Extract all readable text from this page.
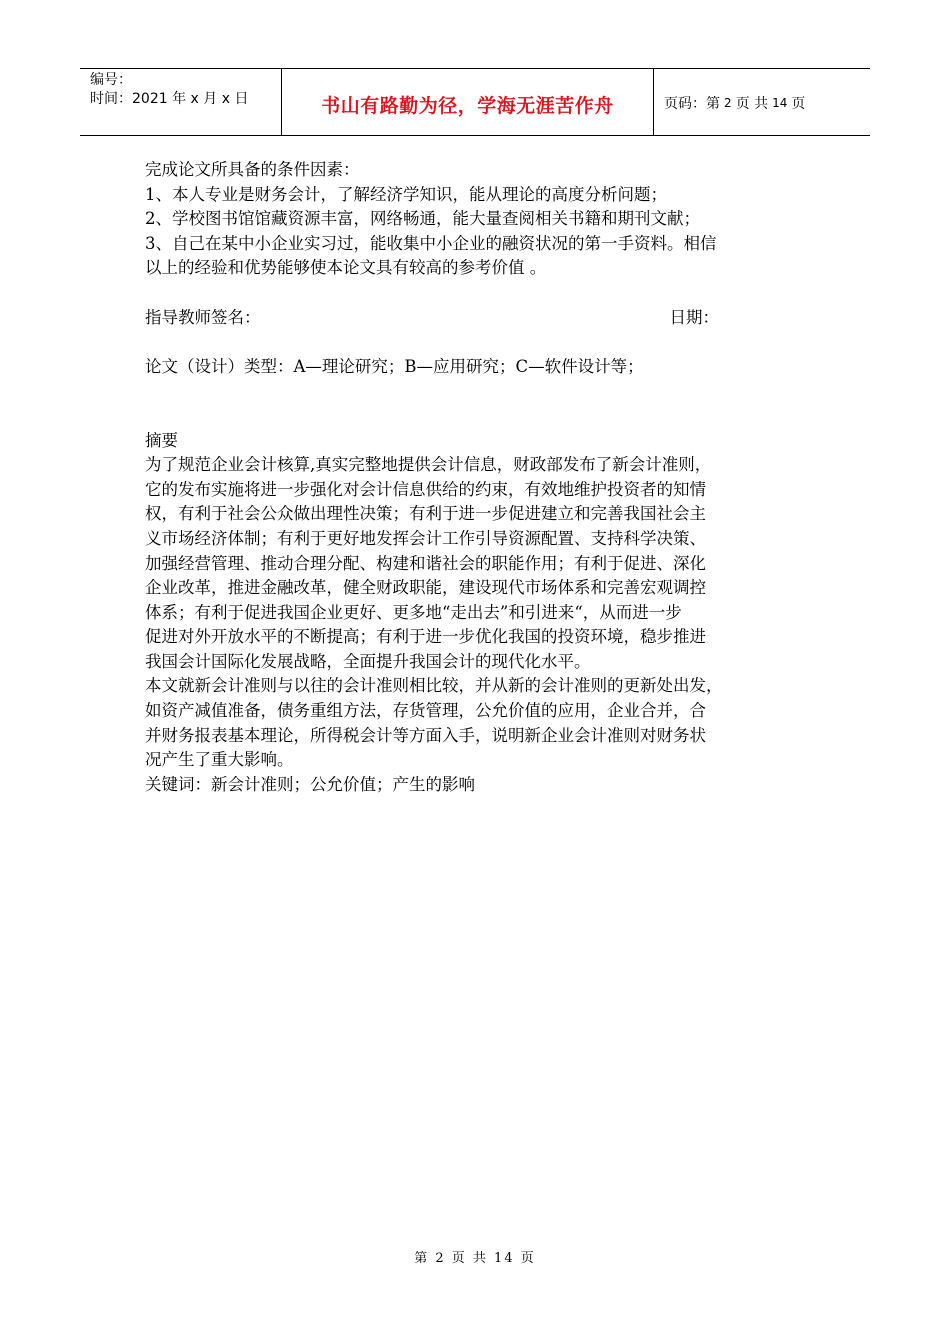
编号：
时间：2021 年 x 月 x 日	书山有路勤为径，学海无涯苦作舟	页码：第 2 页 共 14 页

完成论文所具备的条件因素：

1、本人专业是财务会计，了解经济学知识，能从理论的高度分析问题；

2、学校图书馆馆藏资源丰富，网络畅通，能大量查阅相关书籍和期刊文献；

3、自己在某中小企业实习过，能收集中小企业的融资状况的第一手资料。相信

以上的经验和优势能够使本论文具有较高的参考价值 。

指导教师签名：	日期：

论文（设计）类型：A—理论研究；B—应用研究；C—软件设计等；

摘要

为了规范企业会计核算,真实完整地提供会计信息，财政部发布了新会计准则，

它的发布实施将进一步强化对会计信息供给的约束，有效地维护投资者的知情

权，有利于社会公众做出理性决策；有利于进一步促进建立和完善我国社会主

义市场经济体制；有利于更好地发挥会计工作引导资源配置、支持科学决策、

加强经营管理、推动合理分配、构建和谐社会的职能作用；有利于促进、深化

企业改革，推进金融改革，健全财政职能，建设现代市场体系和完善宏观调控

体系；有利于促进我国企业更好、更多地“走出去”和引进来“，从而进一步

促进对外开放水平的不断提高；有利于进一步优化我国的投资环境，稳步推进

我国会计国际化发展战略，全面提升我国会计的现代化水平。

本文就新会计准则与以往的会计准则相比较，并从新的会计准则的更新处出发，

如资产减值准备，债务重组方法，存货管理，公允价值的应用，企业合并，合

并财务报表基本理论，所得税会计等方面入手，说明新企业会计准则对财务状

况产生了重大影响。

关键词：新会计准则；公允价值；产生的影响

第 2 页 共 14 页
